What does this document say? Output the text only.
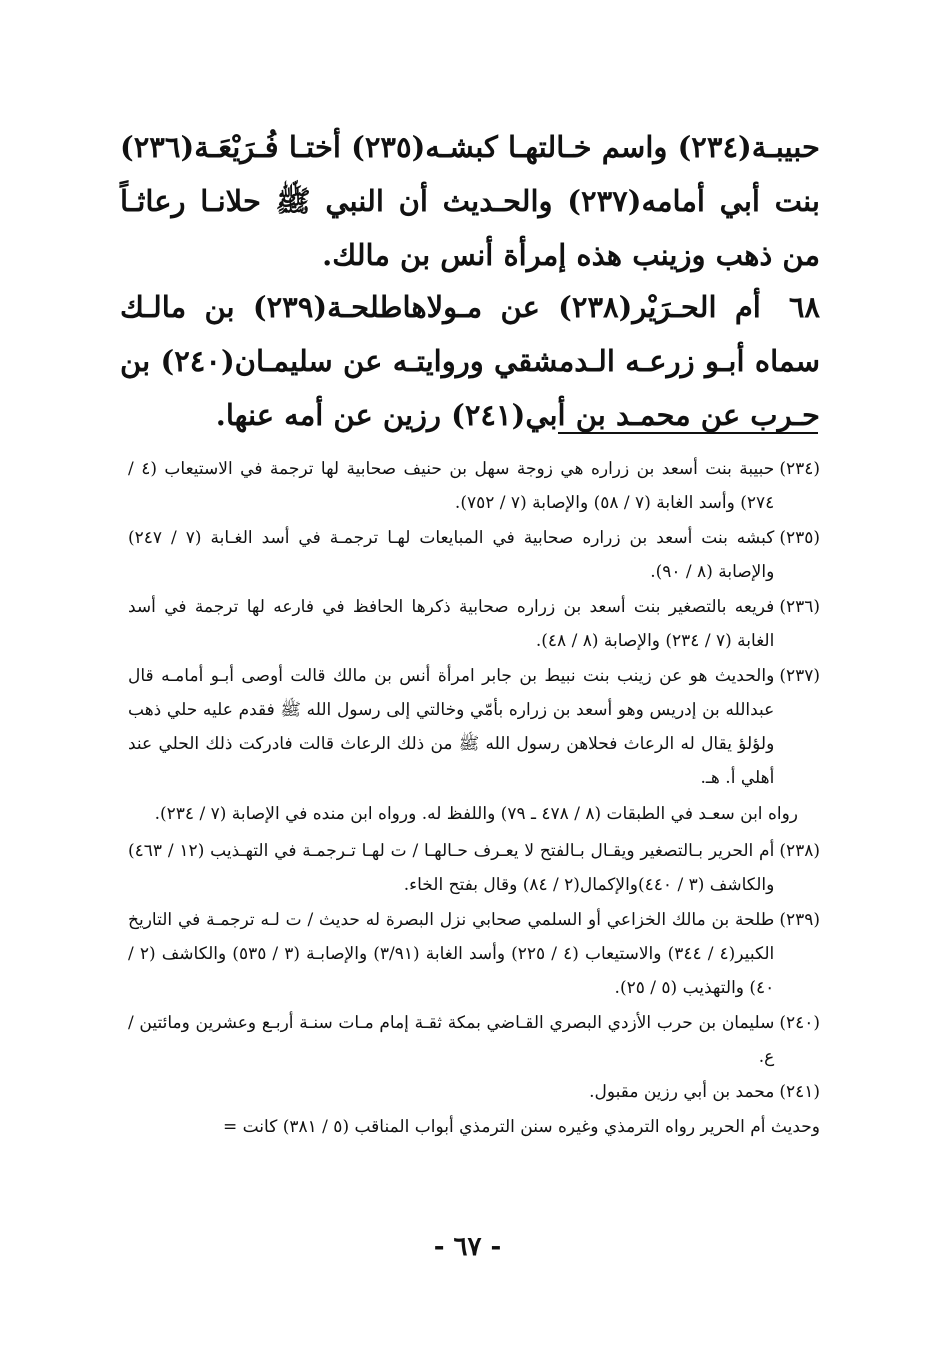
حبيبـة(٢٣٤) واسم خـالتهـا كبشـه(٢٣٥) أختـا فُـرَيْعَـة(٢٣٦) بنت أبي أمامه(٢٣٧) والحـديث أن النبي ﷺ حلانـا رعاثـاً من ذهب وزينب هذه إمرأة أنس بن مالك.

٦٨أم الحـرَيْر(٢٣٨) عن مـولاهاطلحـة(٢٣٩) بن مالـك سماه أبـو زرعـه الـدمشقي وروايتـه عن سليمـان(٢٤٠) بن حـرب عن محمـد بن أبي(٢٤١) رزين عن أمه عنها.

(٢٣٤)
حبيبة بنت أسعد بن زراره هي زوجة سهل بن حنيف صحابية لها ترجمة في الاستيعاب (٤ / ٢٧٤) وأسد الغابة (٧ / ٥٨) والإصابة (٧ / ٧٥٢).
(٢٣٥)
كبشه بنت أسعد بن زراره صحابية في المبايعات لهـا ترجمـة في أسد الغـابة (٧ / ٢٤٧) والإصابة (٨ / ٩٠).
(٢٣٦)
فريعه بالتصغير بنت أسعد بن زراره صحابية ذكرها الحافظ في فارعه لها ترجمة في أسد الغابة (٧ / ٢٣٤) والإصابة (٨ / ٤٨).
(٢٣٧)
والحديث هو عن زينب بنت نبيط بن جابر امرأة أنس بن مالك قالت أوصى أبـو أمامـه قال عبدالله بن إدريس وهو أسعد بن زراره بأمّي وخالتي إلى رسول الله ﷺ فقدم عليه حلي ذهب ولؤلؤ يقال له الرعاث فحلاهن رسول الله ﷺ من ذلك الرعاث قالت فادركت ذلك الحلي عند أهلي أ. هـ.
رواه ابن سعـد في الطبقات (٨ / ٤٧٨ ـ ٧٩) واللفظ له. ورواه ابن منده في الإصابة (٧ / ٢٣٤).
(٢٣٨)
أم الحرير بـالتصغير ويقـال بـالفتح لا يعـرف حـالهـا / ت لهـا تـرجمـة في التهـذيب (١٢ / ٤٦٣) والكاشف (٣ / ٤٤٠)والإكمال(٢ / ٨٤) وقال بفتح الخاء.
(٢٣٩)
طلحة بن مالك الخزاعي أو السلمي صحابي نزل البصرة له حديث / ت لـه ترجمـة في التاريخ الكبير(٤ / ٣٤٤) والاستيعاب (٤ / ٢٢٥) وأسد الغابة (٣/٩١) والإصابـة (٣ / ٥٣٥) والكاشف (٢ / ٤٠) والتهذيب (٥ / ٢٥).
(٢٤٠)
سليمان بن حرب الأزدي البصري القـاضي بمكة ثقـة إمام مـات سنـة أربـع وعشرين ومائتين / ع.
(٢٤١)
محمد بن أبي رزين مقبول.
وحديث أم الحرير رواه الترمذي وغيره سنن الترمذي أبواب المناقب (٥ / ٣٨١) كانت =
- ٦٧ -
